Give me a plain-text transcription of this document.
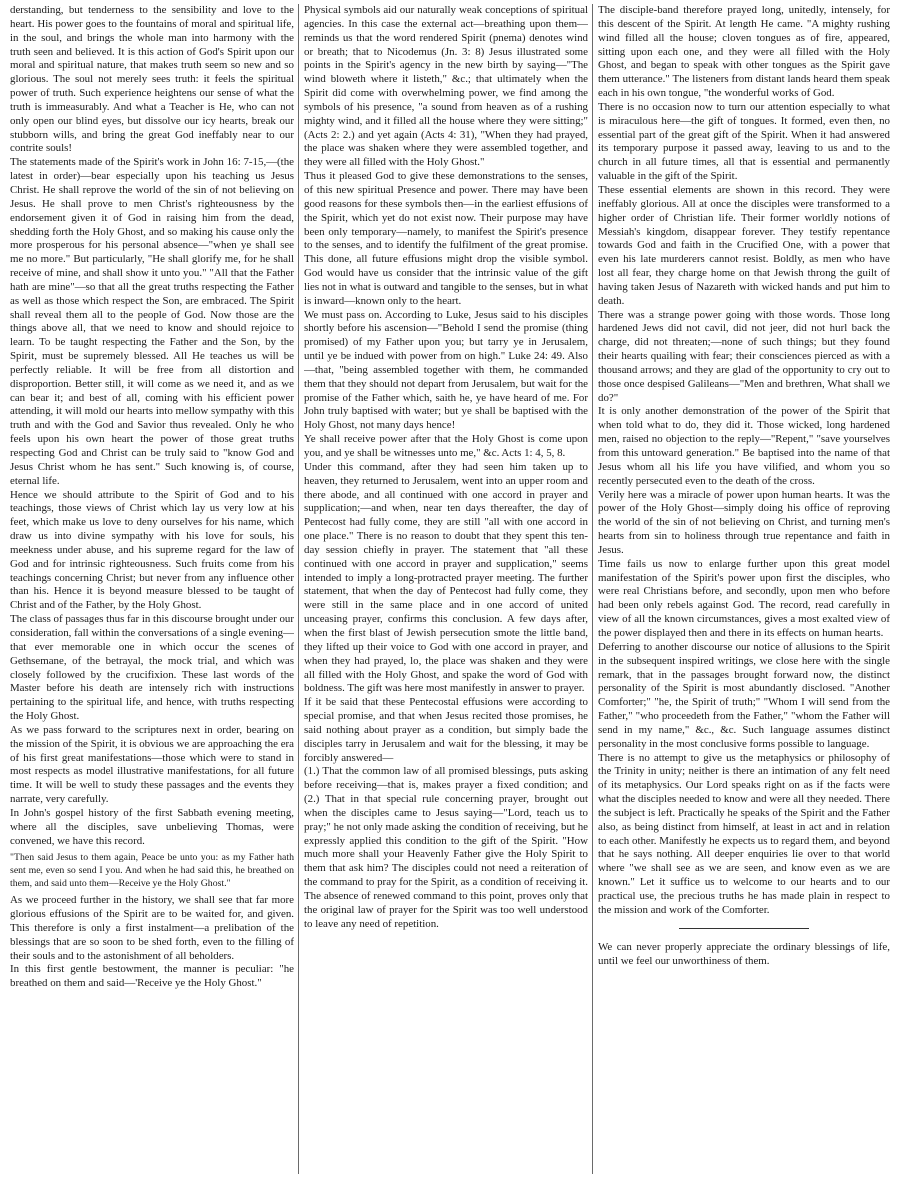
derstanding, but tenderness to the sensibility and love to the heart. His power goes to the fountains of moral and spiritual life, in the soul, and brings the whole man into harmony with the truth seen and believed. It is this action of God's Spirit upon our moral and spiritual nature, that makes truth seem so new and so glorious. The soul not merely sees truth: it feels the spiritual power of truth. Such experience heightens our sense of what the truth is immeasurably. And what a Teacher is He, who can not only open our blind eyes, but dissolve our icy hearts, break our stubborn wills, and bring the great God ineffably near to our contrite souls!

The statements made of the Spirit's work in John 16: 7-15,—(the latest in order)—bear especially upon his teaching us Jesus Christ. He shall reprove the world of the sin of not believing on Jesus. He shall prove to men Christ's righteousness by the endorsement given it of God in raising him from the dead, shedding forth the Holy Ghost, and so making his cause only the more prosperous for his personal absence—"when ye shall see me no more." But particularly, "He shall glorify me, for he shall receive of mine, and shall show it unto you." "All that the Father hath are mine"—so that all the great truths respecting the Father as well as those which respect the Son, are embraced. The Spirit shall reveal them all to the people of God. Now those are the things above all, that we need to know and should rejoice to learn. To be taught respecting the Father and the Son, by the Spirit, must be supremely blessed. All He teaches us will be perfectly reliable. It will be free from all distortion and disproportion. Better still, it will come as we need it, and as we can bear it; and best of all, coming with his efficient power attending, it will mold our hearts into mellow sympathy with this truth and with the God and Savior thus revealed. Only he who feels upon his own heart the power of those great truths respecting God and Christ can be truly said to "know God and Jesus Christ whom he has sent." Such knowing is, of course, eternal life.

Hence we should attribute to the Spirit of God and to his teachings, those views of Christ which lay us very low at his feet, which make us love to deny ourselves for his name, which draw us into divine sympathy with his love for souls, his meekness under abuse, and his supreme regard for the law of God and for intrinsic righteousness. Such fruits come from his teachings concerning Christ; but never from any influence other than his. Hence it is beyond measure blessed to be taught of Christ and of the Father, by the Holy Ghost.

The class of passages thus far in this discourse brought under our consideration, fall within the conversations of a single evening—that ever memorable one in which occur the scenes of Gethsemane, of the betrayal, the mock trial, and which was closely followed by the crucifixion. These last words of the Master before his death are intensely rich with instructions pertaining to the spiritual life, and hence, with truths respecting the Holy Ghost.

As we pass forward to the scriptures next in order, bearing on the mission of the Spirit, it is obvious we are approaching the era of his first great manifestations—those which were to stand in most respects as model illustrative manifestations, for all future time. It will be well to study these passages and the events they narrate, very carefully.

In John's gospel history of the first Sabbath evening meeting, where all the disciples, save unbelieving Thomas, were convened, we have this record.

"Then said Jesus to them again, Peace be unto you: as my Father hath sent me, even so send I you. And when he had said this, he breathed on them, and said unto them—Receive ye the Holy Ghost."

As we proceed further in the history, we shall see that far more glorious effusions of the Spirit are to be waited for, and given. This therefore is only a first instalment—a prelibation of the blessings that are so soon to be shed forth, even to the filling of their souls and to the astonishment of all beholders.

In this first gentle bestowment, the manner is peculiar: "he breathed on them and said—'Receive ye the Holy Ghost."

Physical symbols aid our naturally weak conceptions of spiritual agencies. In this case the external act—breathing upon them—reminds us that the word rendered Spirit (pnema) denotes wind or breath; that to Nicodemus (Jn. 3: 8) Jesus illustrated some points in the Spirit's agency in the new birth by saying—"The wind bloweth where it listeth," &c.; that ultimately when the Spirit did come with overwhelming power, we find among the symbols of his presence, "a sound from heaven as of a rushing mighty wind, and it filled all the house where they were sitting;" (Acts 2: 2.) and yet again (Acts 4: 31), "When they had prayed, the place was shaken where they were assembled together, and they were all filled with the Holy Ghost."

Thus it pleased God to give these demonstrations to the senses, of this new spiritual Presence and power. There may have been good reasons for these symbols then—in the earliest effusions of the Spirit, which yet do not exist now. Their purpose may have been only temporary—namely, to manifest the Spirit's presence to the senses, and to identify the fulfilment of the great promise. This done, all future effusions might drop the visible symbol. God would have us consider that the intrinsic value of the gift lies not in what is outward and tangible to the senses, but in what is inward—known only to the heart.

We must pass on. According to Luke, Jesus said to his disciples shortly before his ascension—"Behold I send the promise (thing promised) of my Father upon you; but tarry ye in Jerusalem, until ye be indued with power from on high." Luke 24: 49. Also—that, "being assembled together with them, he commanded them that they should not depart from Jerusalem, but wait for the promise of the Father which, saith he, ye have heard of me. For John truly baptised with water; but ye shall be baptised with the Holy Ghost, not many days hence!

Ye shall receive power after that the Holy Ghost is come upon you, and ye shall be witnesses unto me," &c. Acts 1: 4, 5, 8.

Under this command, after they had seen him taken up to heaven, they returned to Jerusalem, went into an upper room and there abode, and all continued with one accord in prayer and supplication;—and when, near ten days thereafter, the day of Pentecost had fully come, they are still "all with one accord in one place." There is no reason to doubt that they spent this ten-day session chiefly in prayer. The statement that "all these continued with one accord in prayer and supplication," seems intended to imply a long-protracted prayer meeting. The further statement, that when the day of Pentecost had fully come, they were still in the same place and in one accord of united unceasing prayer, confirms this conclusion. A few days after, when the first blast of Jewish persecution smote the little band, they lifted up their voice to God with one accord in prayer, and when they had prayed, lo, the place was shaken and they were all filled with the Holy Ghost, and spake the word of God with boldness. The gift was here most manifestly in answer to prayer.

If it be said that these Pentecostal effusions were according to special promise, and that when Jesus recited those promises, he said nothing about prayer as a condition, but simply bade the disciples tarry in Jerusalem and wait for the blessing, it may be forcibly answered—

(1.) That the common law of all promised blessings, puts asking before receiving—that is, makes prayer a fixed condition; and (2.) That in that special rule concerning prayer, brought out when the disciples came to Jesus saying—"Lord, teach us to pray;" he not only made asking the condition of receiving, but he expressly applied this condition to the gift of the Spirit. "How much more shall your Heavenly Father give the Holy Spirit to them that ask him? The disciples could not need a reiteration of the command to pray for the Spirit, as a condition of receiving it. The absence of renewed command to this point, proves only that the original law of prayer for the Spirit was too well understood to leave any need of repetition.

The disciple-band therefore prayed long, unitedly, intensely, for this descent of the Spirit. At length He came. "A mighty rushing wind filled all the house; cloven tongues as of fire, appeared, sitting upon each one, and they were all filled with the Holy Ghost, and began to speak with other tongues as the Spirit gave them utterance." The listeners from distant lands heard them speak each in his own tongue, "the wonderful works of God.

There is no occasion now to turn our attention especially to what is miraculous here—the gift of tongues. It formed, even then, no essential part of the great gift of the Spirit. When it had answered its temporary purpose it passed away, leaving to us and to the church in all future times, all that is essential and permanently valuable in the gift of the Spirit.

These essential elements are shown in this record. They were ineffably glorious. All at once the disciples were transformed to a higher order of Christian life. Their former worldly notions of Messiah's kingdom, disappear forever. They testify repentance towards God and faith in the Crucified One, with a power that even his late murderers cannot resist. Boldly, as men who have lost all fear, they charge home on that Jewish throng the guilt of having taken Jesus of Nazareth with wicked hands and put him to death.

There was a strange power going with those words. Those long hardened Jews did not cavil, did not jeer, did not hurl back the charge, did not threaten;—none of such things; but they found their hearts quailing with fear; their consciences pierced as with a thousand arrows; and they are glad of the opportunity to cry out to those once despised Galileans—"Men and brethren, What shall we do?"

It is only another demonstration of the power of the Spirit that when told what to do, they did it. Those wicked, long hardened men, raised no objection to the reply—"Repent," "save yourselves from this untoward generation." Be baptised into the name of that Jesus whom all his life you have vilified, and whom you so recently persecuted even to the death of the cross.

Verily here was a miracle of power upon human hearts. It was the power of the Holy Ghost—simply doing his office of reproving the world of the sin of not believing on Christ, and turning men's hearts from sin to holiness through true repentance and faith in Jesus.

Time fails us now to enlarge further upon this great model manifestation of the Spirit's power upon first the disciples, who were real Christians before, and secondly, upon men who before had been only rebels against God. The record, read carefully in view of all the known circumstances, gives a most exalted view of the power displayed then and there in its effects on human hearts.

Deferring to another discourse our notice of allusions to the Spirit in the subsequent inspired writings, we close here with the single remark, that in the passages brought forward now, the distinct personality of the Spirit is most abundantly disclosed. "Another Comforter;" "he, the Spirit of truth;" "Whom I will send from the Father," "who proceedeth from the Father," "whom the Father will send in my name," &c., &c. Such language assumes distinct personality in the most conclusive forms possible to language.

There is no attempt to give us the metaphysics or philosophy of the Trinity in unity; neither is there an intimation of any felt need of its metaphysics. Our Lord speaks right on as if the facts were what the disciples needed to know and were all they needed. There the subject is left. Practically he speaks of the Spirit and the Father also, as being distinct from himself, at least in act and in relation to each other. Manifestly he expects us to regard them, and beyond that he says nothing. All deeper enquiries lie over to that world where "we shall see as we are seen, and know even as we are known." Let it suffice us to welcome to our hearts and to our practical use, the precious truths he has made plain in respect to the mission and work of the Comforter.

We can never properly appreciate the ordinary blessings of life, until we feel our unworthiness of them.
